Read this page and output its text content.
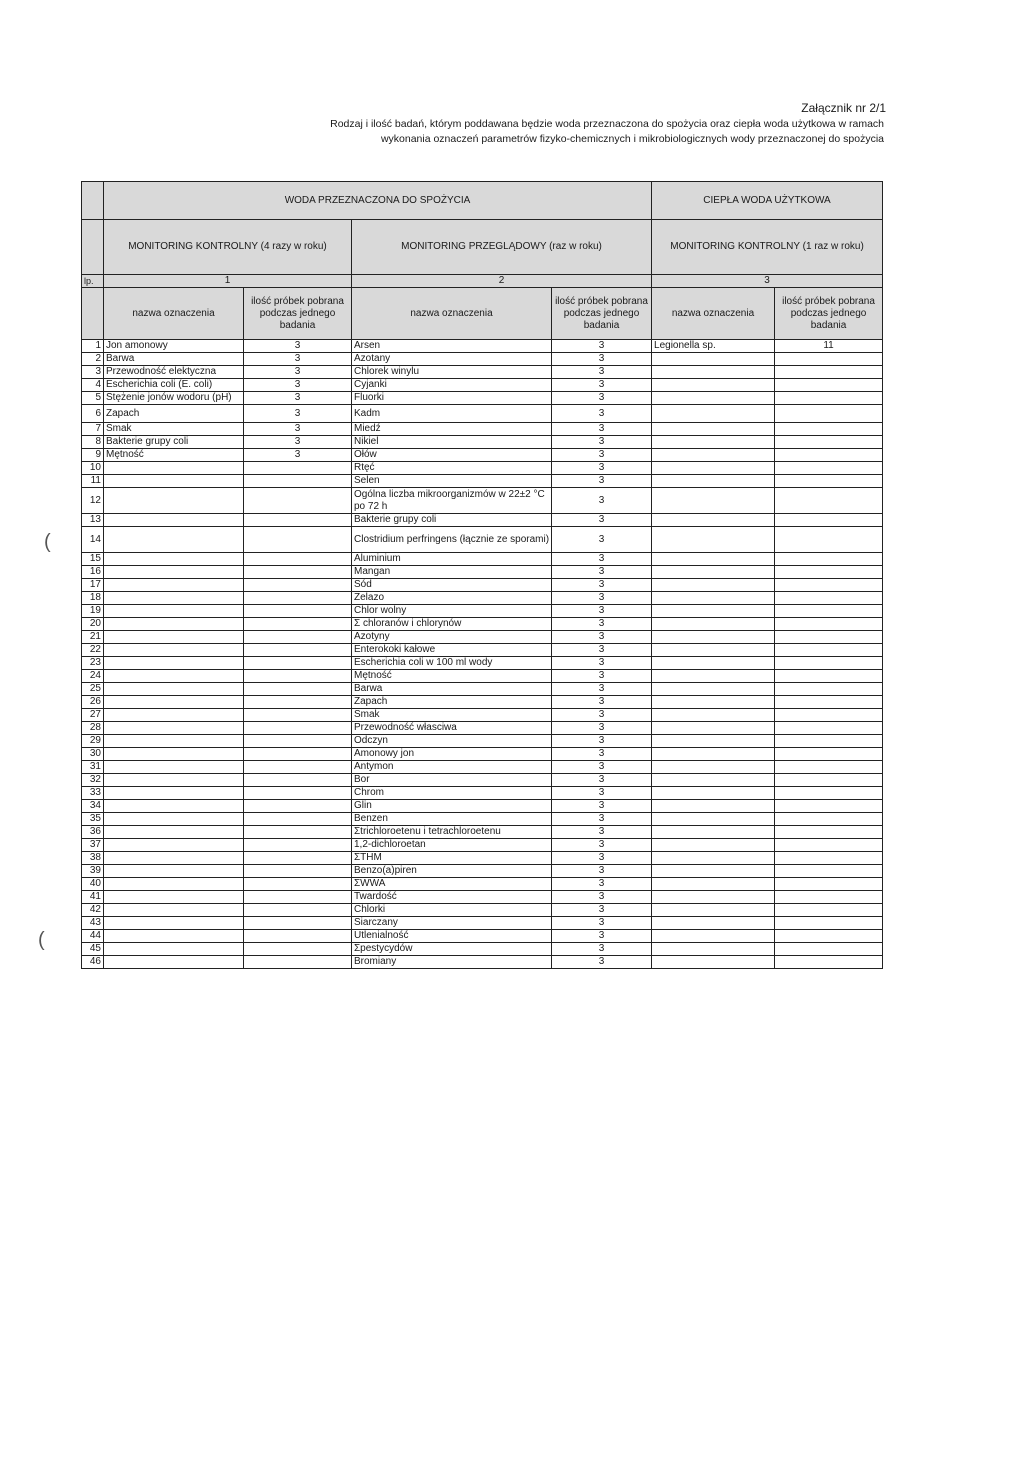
Załącznik nr 2/1
Rodzaj i ilość badań, którym poddawana będzie woda przeznaczona do spożycia oraz ciepła woda użytkowa w ramach
wykonania oznaczeń parametrów fizyko-chemicznych i mikrobiologicznych wody przeznaczonej do spożycia
(
(
	WODA PRZEZNACZONA DO SPOŻYCIA				CIEPŁA WODA UŻYTKOWA	
	MONITORING KONTROLNY (4 razy w roku)		MONITORING PRZEGLĄDOWY (raz w roku)		MONITORING KONTROLNY (1 raz w roku)	
lp.	1		2		3	
	nazwa oznaczenia	ilość próbek pobrana podczas jednego badania	nazwa oznaczenia	ilość próbek pobrana podczas jednego badania	nazwa oznaczenia	ilość próbek pobrana podczas jednego badania
1	Jon amonowy	3	Arsen	3	Legionella sp.	11
2	Barwa	3	Azotany	3		
3	Przewodność elektyczna	3	Chlorek winylu	3		
4	Escherichia coli (E. coli)	3	Cyjanki	3		
5	Stężenie jonów wodoru (pH)	3	Fluorki	3		
6	Zapach	3	Kadm	3		
7	Smak	3	Miedź	3		
8	Bakterie grupy coli	3	Nikiel	3		
9	Mętność	3	Ołów	3		
10			Rtęć	3		
11			Selen	3		
12			Ogólna liczba mikroorganizmów w 22±2 °C po 72 h	3		
13			Bakterie grupy coli	3		
14			Clostridium perfringens (łącznie ze sporami)	3		
15			Aluminium	3		
16			Mangan	3		
17			Sód	3		
18			Żelazo	3		
19			Chlor wolny	3		
20			Σ chloranów i chlorynów	3		
21			Azotyny	3		
22			Enterokoki kałowe	3		
23			Escherichia coli w 100 ml wody	3		
24			Mętność	3		
25			Barwa	3		
26			Zapach	3		
27			Smak	3		
28			Przewodność własciwa	3		
29			Odczyn	3		
30			Amonowy jon	3		
31			Antymon	3		
32			Bor	3		
33			Chrom	3		
34			Glin	3		
35			Benzen	3		
36			Σtrichloroetenu i tetrachloroetenu	3		
37			1,2-dichloroetan	3		
38			ΣTHM	3		
39			Benzo(a)piren	3		
40			ΣWWA	3		
41			Twardość	3		
42			Chlorki	3		
43			Siarczany	3		
44			Utlenialność	3		
45			Σpestycydów	3		
46			Bromiany	3		
